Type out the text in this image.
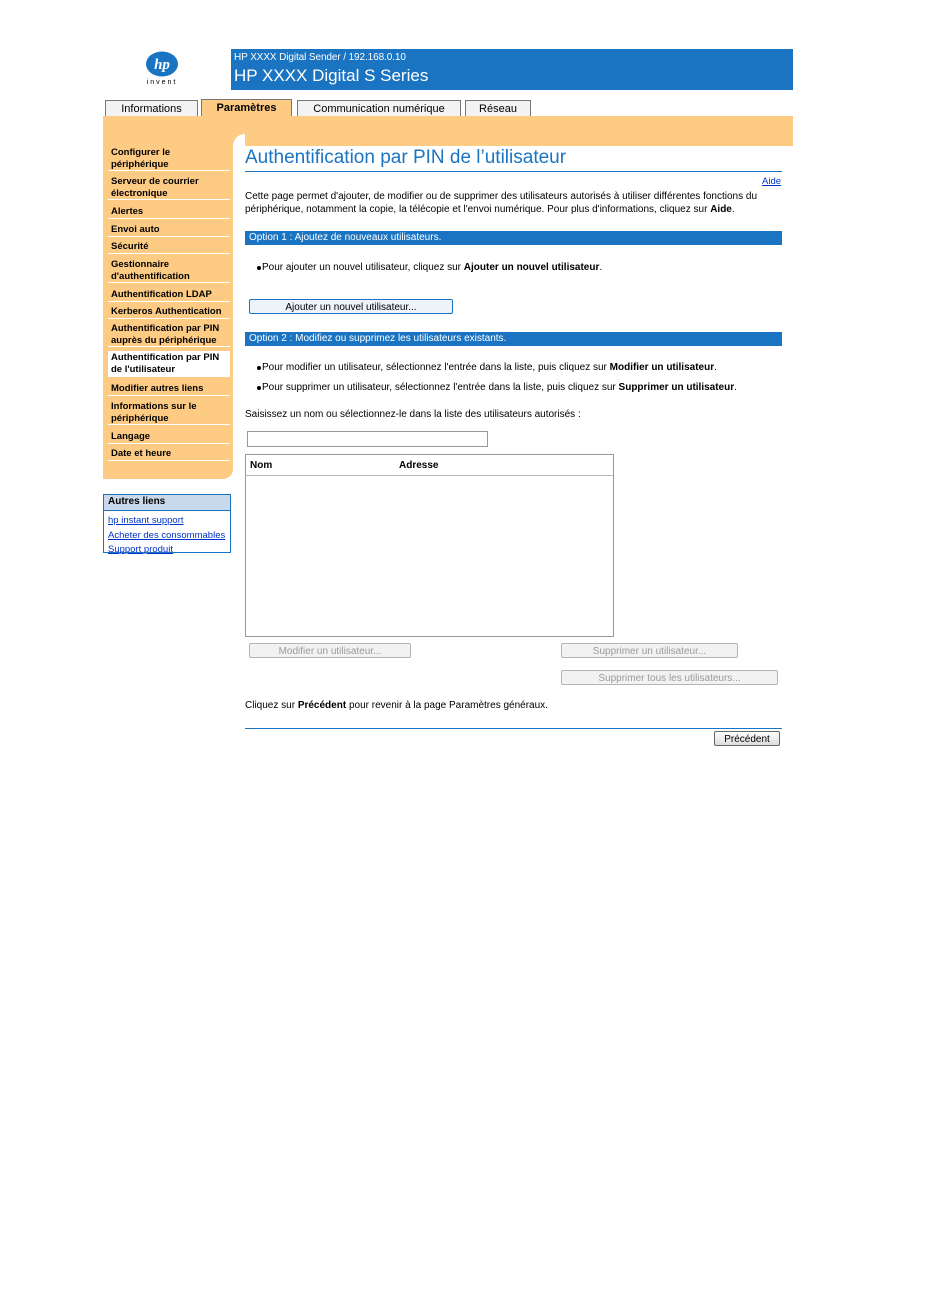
hp
invent
HP XXXX Digital Sender / 192.168.0.10
HP XXXX Digital S Series
Informations	Paramètres	Communication numérique	Réseau
Configurer le périphérique
Serveur de courrier électronique
Alertes
Envoi auto
Sécurité
Gestionnaire d'authentification
Authentification LDAP
Kerberos Authentication
Authentification par PIN auprès du périphérique
Authentification par PIN de l'utilisateur
Modifier autres liens
Informations sur le périphérique
Langage
Date et heure
Autres liens
hp instant support
Acheter des consommables
Support produit
Authentification par PIN de l’utilisateur
Aide
Cette page permet d'ajouter, de modifier ou de supprimer des utilisateurs autorisés à utiliser différentes fonctions du périphérique, notamment la copie, la télécopie et l'envoi numérique. Pour plus d'informations, cliquez sur Aide.
Option 1 : Ajoutez de nouveaux utilisateurs.
Pour ajouter un nouvel utilisateur, cliquez sur Ajouter un nouvel utilisateur.
Ajouter un nouvel utilisateur...
Option 2 : Modifiez ou supprimez les utilisateurs existants.
Pour modifier un utilisateur, sélectionnez l'entrée dans la liste, puis cliquez sur Modifier un utilisateur.
Pour supprimer un utilisateur, sélectionnez l'entrée dans la liste, puis cliquez sur Supprimer un utilisateur.
Saisissez un nom ou sélectionnez-le dans la liste des utilisateurs autorisés :
Nom	Adresse
Modifier un utilisateur...	Supprimer un utilisateur...
Supprimer tous les utilisateurs...
Cliquez sur Précédent pour revenir à la page Paramètres généraux.
Précédent
